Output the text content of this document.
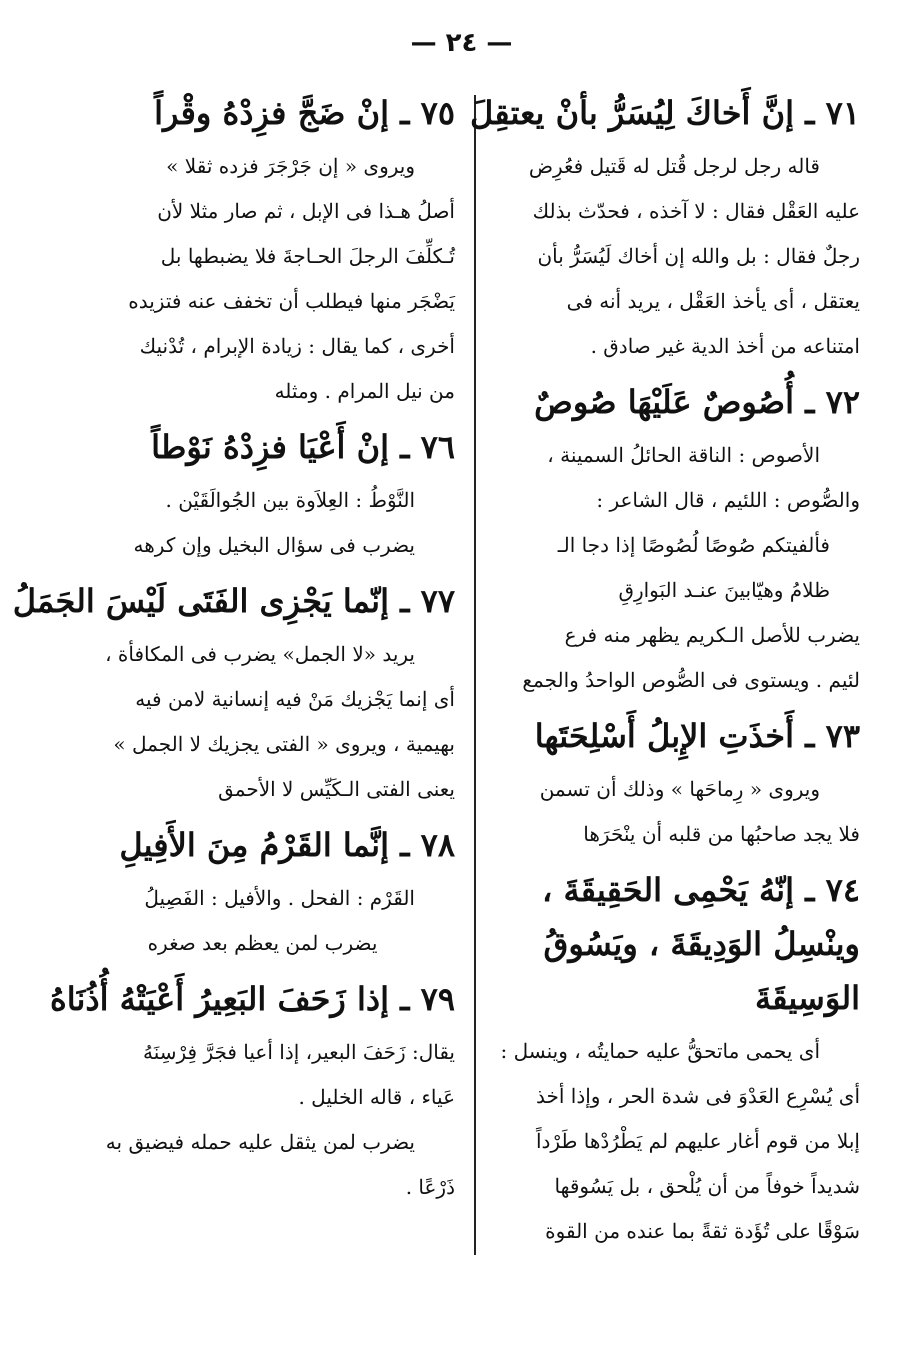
— ٢٤ —
٧١ ـ إنَّ أَخاكَ لِيُسَرُّ بأنْ يعتقِلَ
قاله رجل لرجل قُتل له قَتيل فعُرِض
عليه العَقْل فقال : لا آخذه ، فحدّث بذلك
رجلٌ فقال : بل والله إن أخاك لَيُسَرُّ بأن
يعتقل ، أى يأخذ العَقْل ، يريد أنه فى
امتناعه من أخذ الدية غير صادق .
٧٢ ـ أُصُوصٌ عَلَيْهَا صُوصٌ
الأصوص : الناقة الحائلُ السمينة ،
والصُّوص : اللئيم ، قال الشاعر :
فألفيتكم صُوصًا لُصُوصًا إذا دجا الـ
ظلامُ وهيّابينَ عنـد البَوارِقِ
يضرب للأصل الـكريم يظهر منه فرع
لئيم . ويستوى فى الصُّوص الواحدُ والجمع
٧٣ ـ أَخذَتِ الإِبلُ أَسْلِحَتَها
ويروى « رِماحَها » وذلك أن تسمن
فلا يجد صاحبُها من قلبه أن ينْحَرَها
٧٤ ـ إنّهُ يَحْمِى الحَقِيقَةَ ، وينْسِلُ الوَدِيقَةَ ، ويَسُوقُ الوَسِيقَةَ
أى يحمى ماتحقُّ عليه حمايتُه ، وينسل :
أى يُسْرِع العَدْوَ فى شدة الحر ، وإذا أخذ
إبلا من قوم أغار عليهم لم يَطْرُدْها طَرْداً
شديداً خوفاً من أن يُلْحق ، بل يَسُوقها
سَوْقًا على تُؤَدة ثقةً بما عنده من القوة
٧٥ ـ إنْ ضَجَّ فزِدْهُ وقْراً
ويروى « إن جَرْجَرَ فزده ثقلا »
أصلُ هـذا فى الإبل ، ثم صار مثلا لأن
تُـكلِّفَ الرجلَ الحـاجةَ فلا يضبطها بل
يَضْجَر منها فيطلب أن تخفف عنه فتزيده
أخرى ، كما يقال : زيادة الإبرام ، تُدْنيك
من نيل المرام . ومثله
٧٦ ـ إنْ أَعْيَا فزِدْهُ نَوْطاً
النَّوْطُ : العِلاَوة بين الجُوالَقَيْن .
يضرب فى سؤال البخيل وإن كرهه
٧٧ ـ إنّما يَجْزِى الفَتَى لَيْسَ الجَمَلُ
يريد «لا الجمل» يضرب فى المكافأة ،
أى إنما يَجْزيك مَنْ فيه إنسانية لامن فيه
بهيمية ، ويروى « الفتى يجزيك لا الجمل »
يعنى الفتى الـكَيِّس لا الأحمق
٧٨ ـ إنَّما القَرْمُ مِنَ الأَفِيلِ
القَرْم : الفحل . والأفيل : الفَصِيلُ
يضرب لمن يعظم بعد صغره
٧٩ ـ إذا زَحَفَ البَعِيرُ أَعْيَتْهُ أُذُنَاهُ
يقال: زَحَفَ البعير، إذا أعيا فجَرَّ فِرْسِنَهُ
عَياء ، قاله الخليل .
يضرب لمن يثقل عليه حمله فيضيق به
ذَرْعًا .
